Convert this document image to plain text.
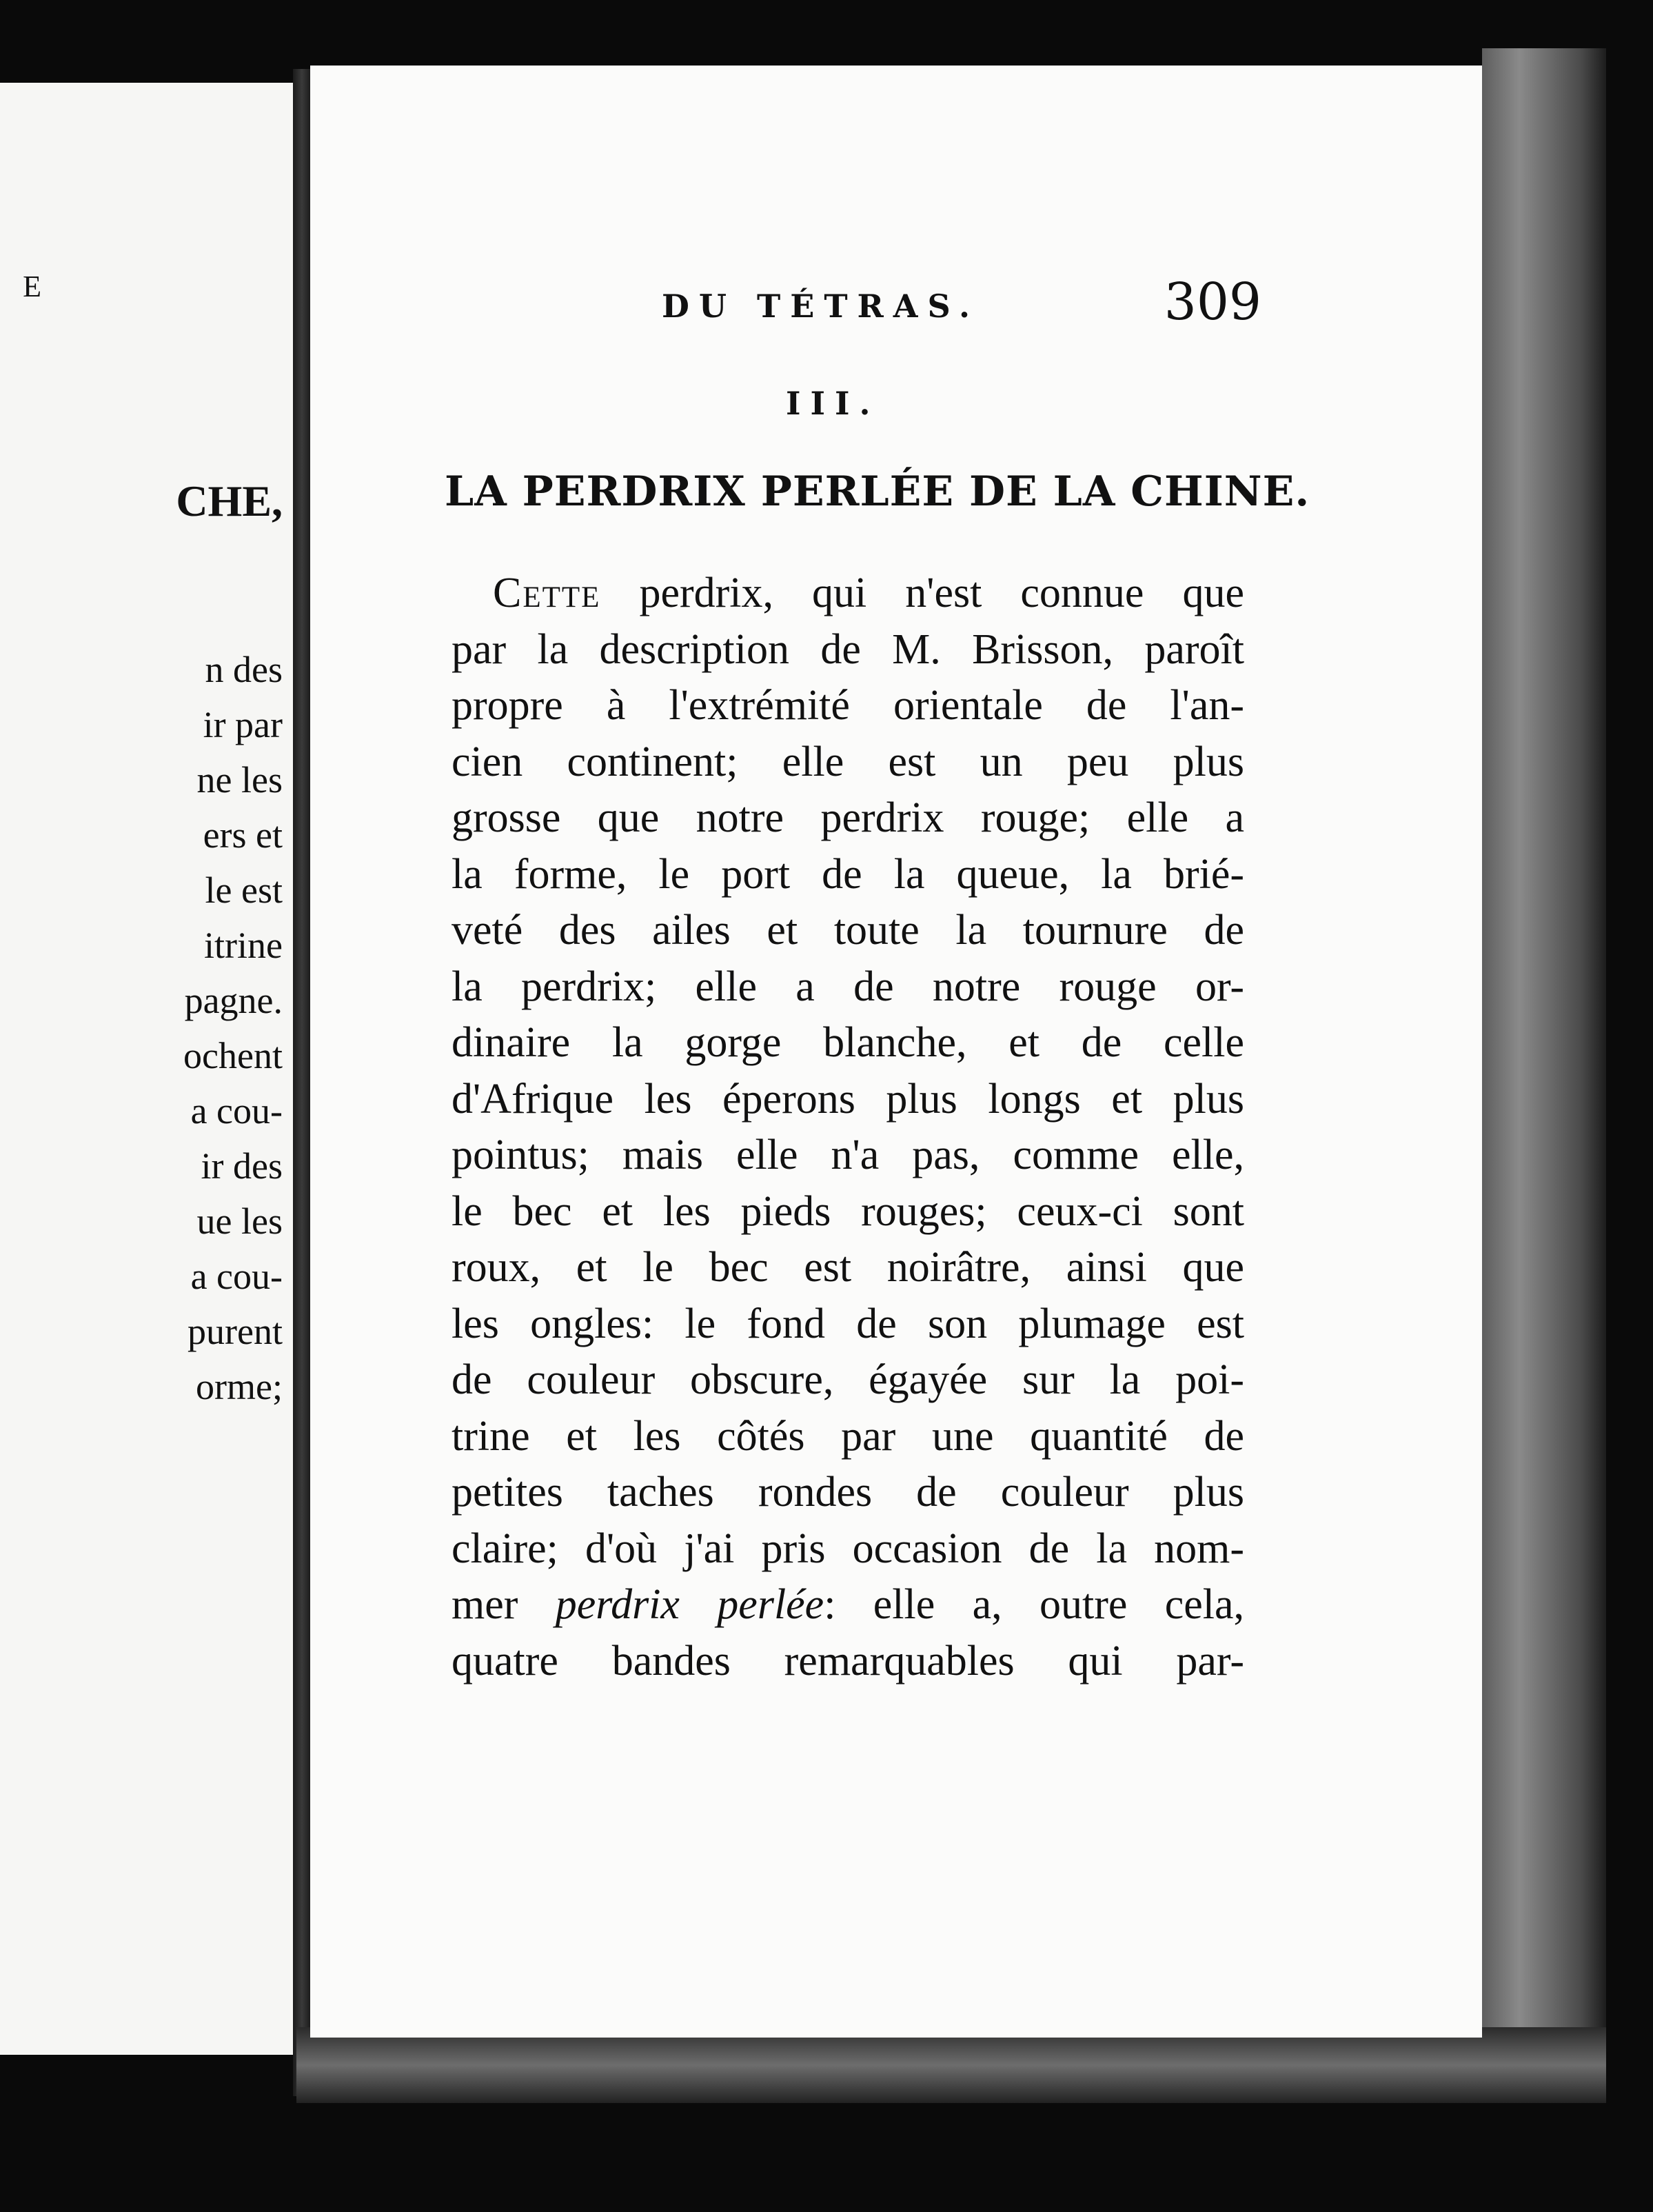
E
CHE,
n des
ir par
ne les
ers et
le est
itrine
pagne.
ochent
a cou-
ir des
ue les
a cou-
purent
orme;
DU TÉTRAS.	309
III.
LA PERDRIX PERLÉE DE LA CHINE.
Cette perdrix, qui n'est connue que
par la description de M. Brisson, paroît
propre à l'extrémité orientale de l'an-
cien continent; elle est un peu plus
grosse que notre perdrix rouge; elle a
la forme, le port de la queue, la brié-
veté des ailes et toute la tournure de
la perdrix; elle a de notre rouge or-
dinaire la gorge blanche, et de celle
d'Afrique les éperons plus longs et plus
pointus; mais elle n'a pas, comme elle,
le bec et les pieds rouges; ceux-ci sont
roux, et le bec est noirâtre, ainsi que
les ongles: le fond de son plumage est
de couleur obscure, égayée sur la poi-
trine et les côtés par une quantité de
petites taches rondes de couleur plus
claire; d'où j'ai pris occasion de la nom-
mer perdrix perlée: elle a, outre cela,
quatre bandes remarquables qui par-
